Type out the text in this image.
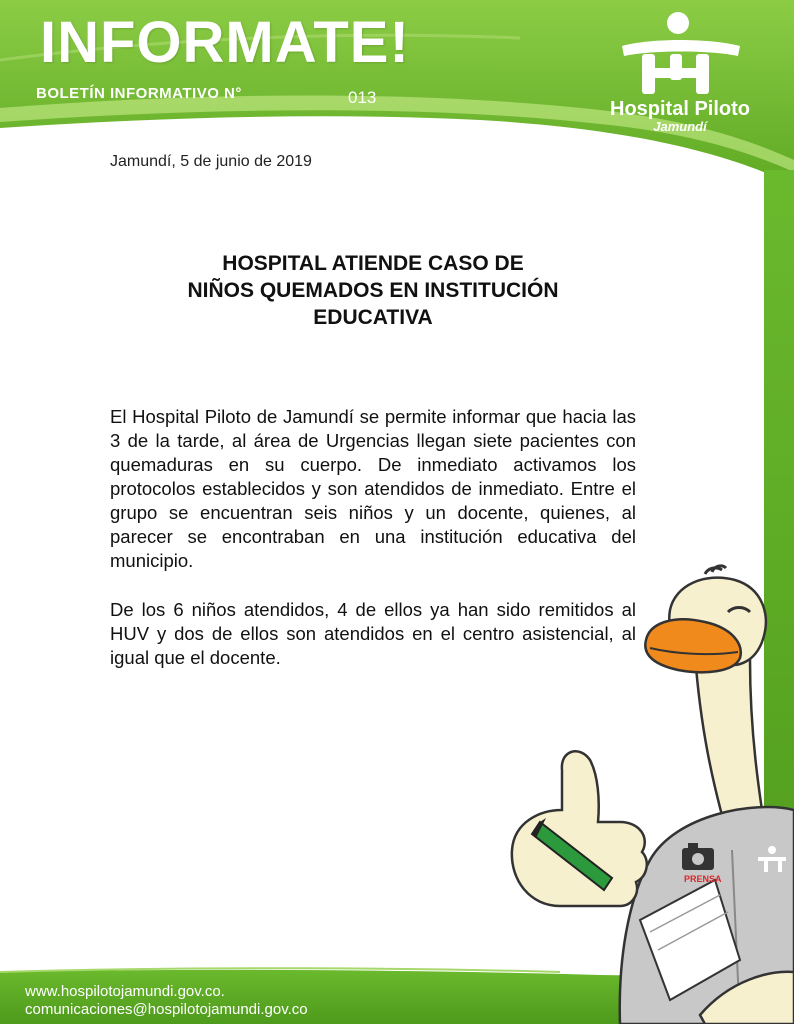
INFORMATE!
BOLETÍN INFORMATIVO N°	013
Hospital Piloto
Jamundí
Jamundí, 5 de junio de 2019
HOSPITAL ATIENDE CASO DE
NIÑOS QUEMADOS EN INSTITUCIÓN
EDUCATIVA

El Hospital Piloto de Jamundí se permite informar que hacia las 3 de la tarde, al área de Urgencias llegan siete pacientes con quemaduras en su cuerpo. De inmediato activamos los protocolos establecidos y son atendidos de inmediato. Entre el grupo se encuentran seis niños y un docente, quienes, al parecer se encontraban en una institución educativa del municipio.

De los 6 niños atendidos, 4 de ellos ya han sido remitidos al HUV y dos de ellos son atendidos en el centro asistencial, al igual que el docente.

PRENSA
www.hospilotojamundi.gov.co.
comunicaciones@hospilotojamundi.gov.co
